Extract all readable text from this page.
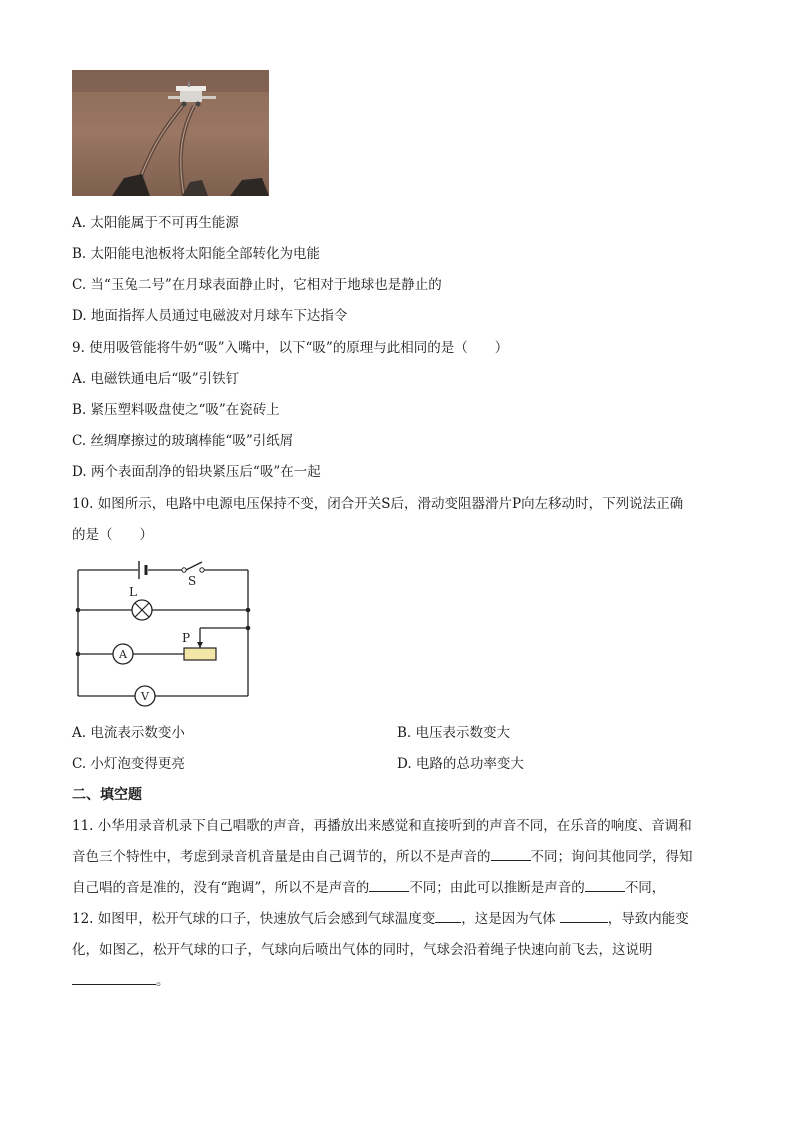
A. 太阳能属于不可再生能源
B. 太阳能电池板将太阳能全部转化为电能
C. 当“玉兔二号”在月球表面静止时，它相对于地球也是静止的
D. 地面指挥人员通过电磁波对月球车下达指令
9. 使用吸管能将牛奶“吸”入嘴中，以下“吸”的原理与此相同的是（　　）
A. 电磁铁通电后“吸”引铁钉
B. 紧压塑料吸盘使之“吸”在瓷砖上
C. 丝绸摩擦过的玻璃棒能“吸”引纸屑
D. 两个表面刮净的铅块紧压后“吸”在一起
10. 如图所示，电路中电源电压保持不变，闭合开关S后，滑动变阻器滑片P向左移动时，下列说法正确
的是（　　）
S
L
A
P
V
A. 电流表示数变小	B. 电压表示数变大
C. 小灯泡变得更亮	D. 电路的总功率变大
二、填空题
11. 小华用录音机录下自己唱歌的声音，再播放出来感觉和直接听到的声音不同，在乐音的响度、音调和
音色三个特性中，考虑到录音机音量是由自己调节的，所以不是声音的	不同；询问其他同学，得知
自己唱的音是准的，没有“跑调”，所以不是声音的	不同；由此可以推断是声音的	不同，
12. 如图甲，松开气球的口子，快速放气后会感到气球温度变 ，这是因为气体	，导致内能变
化，如图乙，松开气球的口子，气球向后喷出气体的同时，气球会沿着绳子快速向前飞去，这说明
。
